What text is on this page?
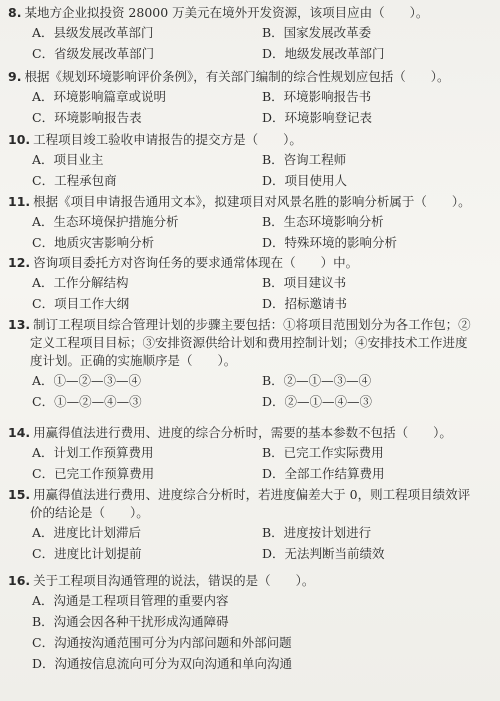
8. 某地方企业拟投资 28000 万美元在境外开发资源，该项目应由（　　）。
A．县级发展改革部门	B．国家发展改革委
C．省级发展改革部门	D．地级发展改革部门
9. 根据《规划环境影响评价条例》，有关部门编制的综合性规划应包括（　　）。
A．环境影响篇章或说明	B．环境影响报告书
C．环境影响报告表	D．环境影响登记表
10. 工程项目竣工验收申请报告的提交方是（　　）。
A．项目业主	B．咨询工程师
C．工程承包商	D．项目使用人
11. 根据《项目申请报告通用文本》，拟建项目对风景名胜的影响分析属于（　　）。
A．生态环境保护措施分析	B．生态环境影响分析
C．地质灾害影响分析	D．特殊环境的影响分析
12. 咨询项目委托方对咨询任务的要求通常体现在（　　）中。
A．工作分解结构	B．项目建议书
C．项目工作大纲	D．招标邀请书
13. 制订工程项目综合管理计划的步骤主要包括：①将项目范围划分为各工作包；②
定义工程项目目标；③安排资源供给计划和费用控制计划；④安排技术工作进度
度计划。正确的实施顺序是（　　）。
A．①—②—③—④	B．②—①—③—④
C．①—②—④—③	D．②—①—④—③
14. 用赢得值法进行费用、进度的综合分析时，需要的基本参数不包括（　　）。
A．计划工作预算费用	B．已完工作实际费用
C．已完工作预算费用	D．全部工作结算费用
15. 用赢得值法进行费用、进度综合分析时，若进度偏差大于 0，则工程项目绩效评
价的结论是（　　）。
A．进度比计划滞后	B．进度按计划进行
C．进度比计划提前	D．无法判断当前绩效
16. 关于工程项目沟通管理的说法，错误的是（　　）。
A．沟通是工程项目管理的重要内容
B．沟通会因各种干扰形成沟通障碍
C．沟通按沟通范围可分为内部问题和外部问题
D．沟通按信息流向可分为双向沟通和单向沟通
